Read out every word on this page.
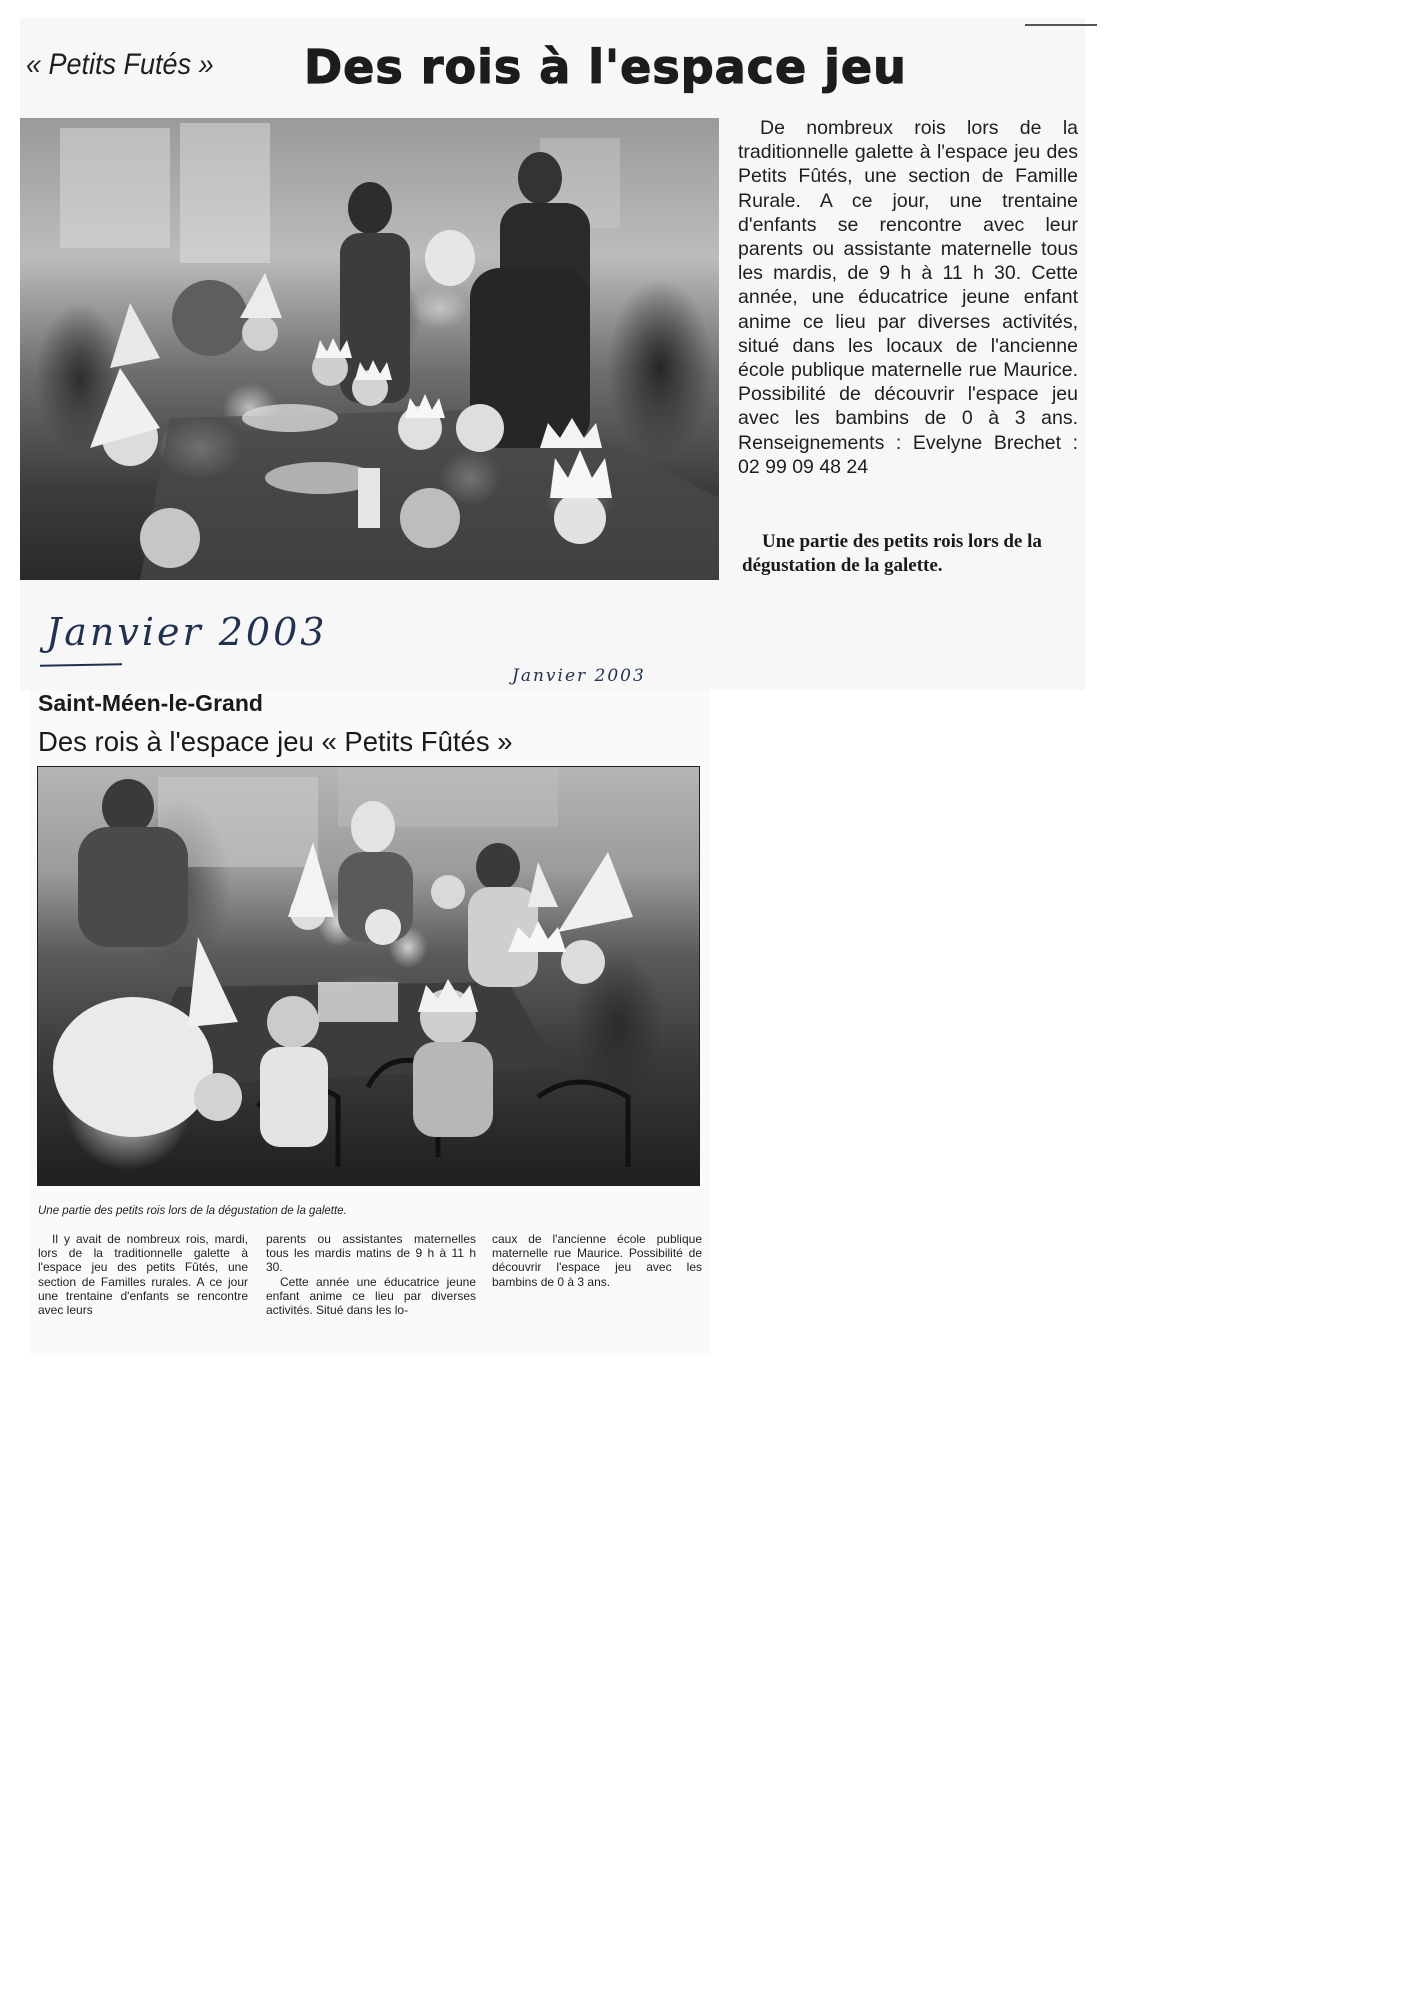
« Petits Futés » Des rois à l'espace jeu

De nombreux rois lors de la traditionnelle galette à l'espace jeu des Petits Fûtés, une section de Famille Rurale. A ce jour, une trentaine d'enfants se rencontre avec leur parents ou assistante maternelle tous les mardis, de 9 h à 11 h 30. Cette année, une éducatrice jeune enfant anime ce lieu par diverses activités, situé dans les locaux de l'ancienne école publique maternelle rue Maurice. Possibilité de découvrir l'espace jeu avec les bambins de 0 à 3 ans. Renseignements : Evelyne Brechet : 02 99 09 48 24

Une partie des petits rois lors de la dégustation de la galette.

Janvier 2003
Janvier 2003
Saint-Méen-le-Grand
Des rois à l'espace jeu « Petits Fûtés »
Une partie des petits rois lors de la dégustation de la galette.

Il y avait de nombreux rois, mardi, lors de la traditionnelle galette à l'espace jeu des petits Fûtés, une section de Familles rurales. A ce jour une trentaine d'enfants se rencontre avec leurs

parents ou assistantes maternelles tous les mardis matins de 9 h à 11 h 30.

Cette année une éducatrice jeune enfant anime ce lieu par diverses activités. Situé dans les lo-

caux de l'ancienne école publique maternelle rue Maurice. Possibilité de découvrir l'espace jeu avec les bambins de 0 à 3 ans.
